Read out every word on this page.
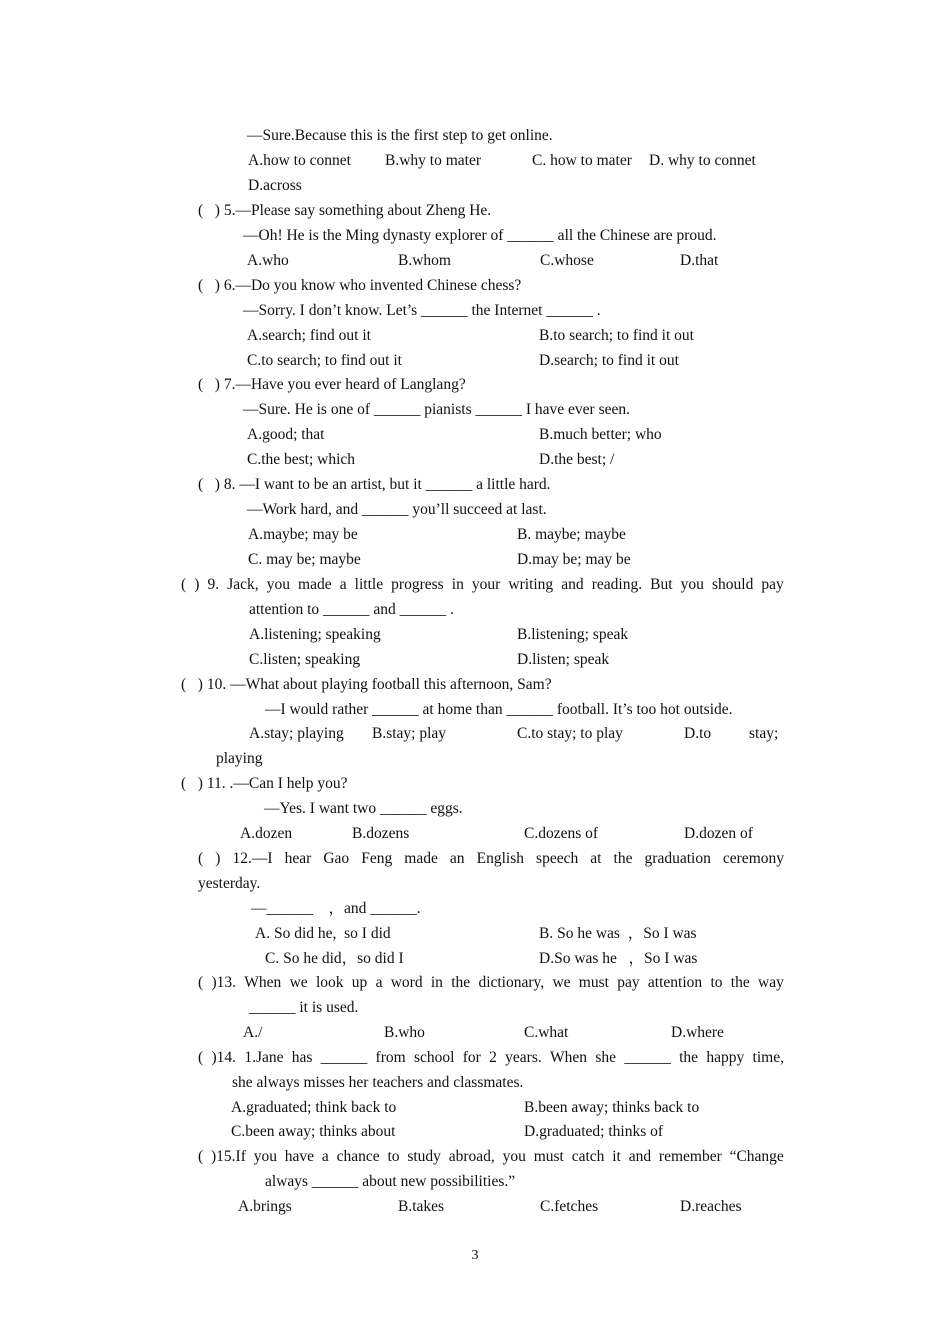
—Sure.Because this is the first step to get online.
A.how to connet B.why to mater	C. how to mater D. why to connet
D.across
(   ) 5.—Please say something about Zheng He.
—Oh! He is the Ming dynasty explorer of ______ all the Chinese are proud.
A.who	B.whom	C.whose	D.that
(   ) 6.—Do you know who invented Chinese chess?
—Sorry. I don’t know. Let’s ______ the Internet ______ .
A.search; find out it	B.to search; to find it out
C.to search; to find out it	D.search; to find it out
(   ) 7.—Have you ever heard of Langlang?
—Sure. He is one of ______ pianists ______ I have ever seen.
A.good; that	B.much better; who
C.the best; which	D.the best; /
(   ) 8. —I want to be an artist, but it ______ a little hard.
—Work hard, and ______ you’ll succeed at last.
A.maybe; may be	B. maybe; maybe
C. may be; maybe	D.may be; may be
( ) 9. Jack, you made a little progress in your writing and reading. But you should pay
attention to ______ and ______ .
A.listening; speaking	B.listening; speak
C.listen; speaking	D.listen; speak
(   ) 10. —What about playing football this afternoon, Sam?
—I would rather ______ at home than ______ football. It’s too hot outside.
A.stay; playing B.stay; play	C.to stay; to play	D.to stay;
playing
(   ) 11. .—Can I help you?
—Yes. I want two ______ eggs.
A.dozen	B.dozens	C.dozens of	D.dozen of
( ) 12.—I hear Gao Feng made an English speech at the graduation ceremony
yesterday.
—______    ，and ______.
A. So did he,  so I did	B. So he was  ，So I was
C. So he did，so did I	D.So was he   ，So I was
( )13. When we look up a word in the dictionary, we must pay attention to the way
______ it is used.
A./	B.who	C.what	D.where
( )14. 1.Jane has ______ from school for 2 years. When she ______ the happy time,
she always misses her teachers and classmates.
A.graduated; think back to	B.been away; thinks back to
C.been away; thinks about	D.graduated; thinks of
( )15.If you have a chance to study abroad, you must catch it and remember “Change
always ______ about new possibilities.”
A.brings	B.takes	C.fetches	D.reaches
3
